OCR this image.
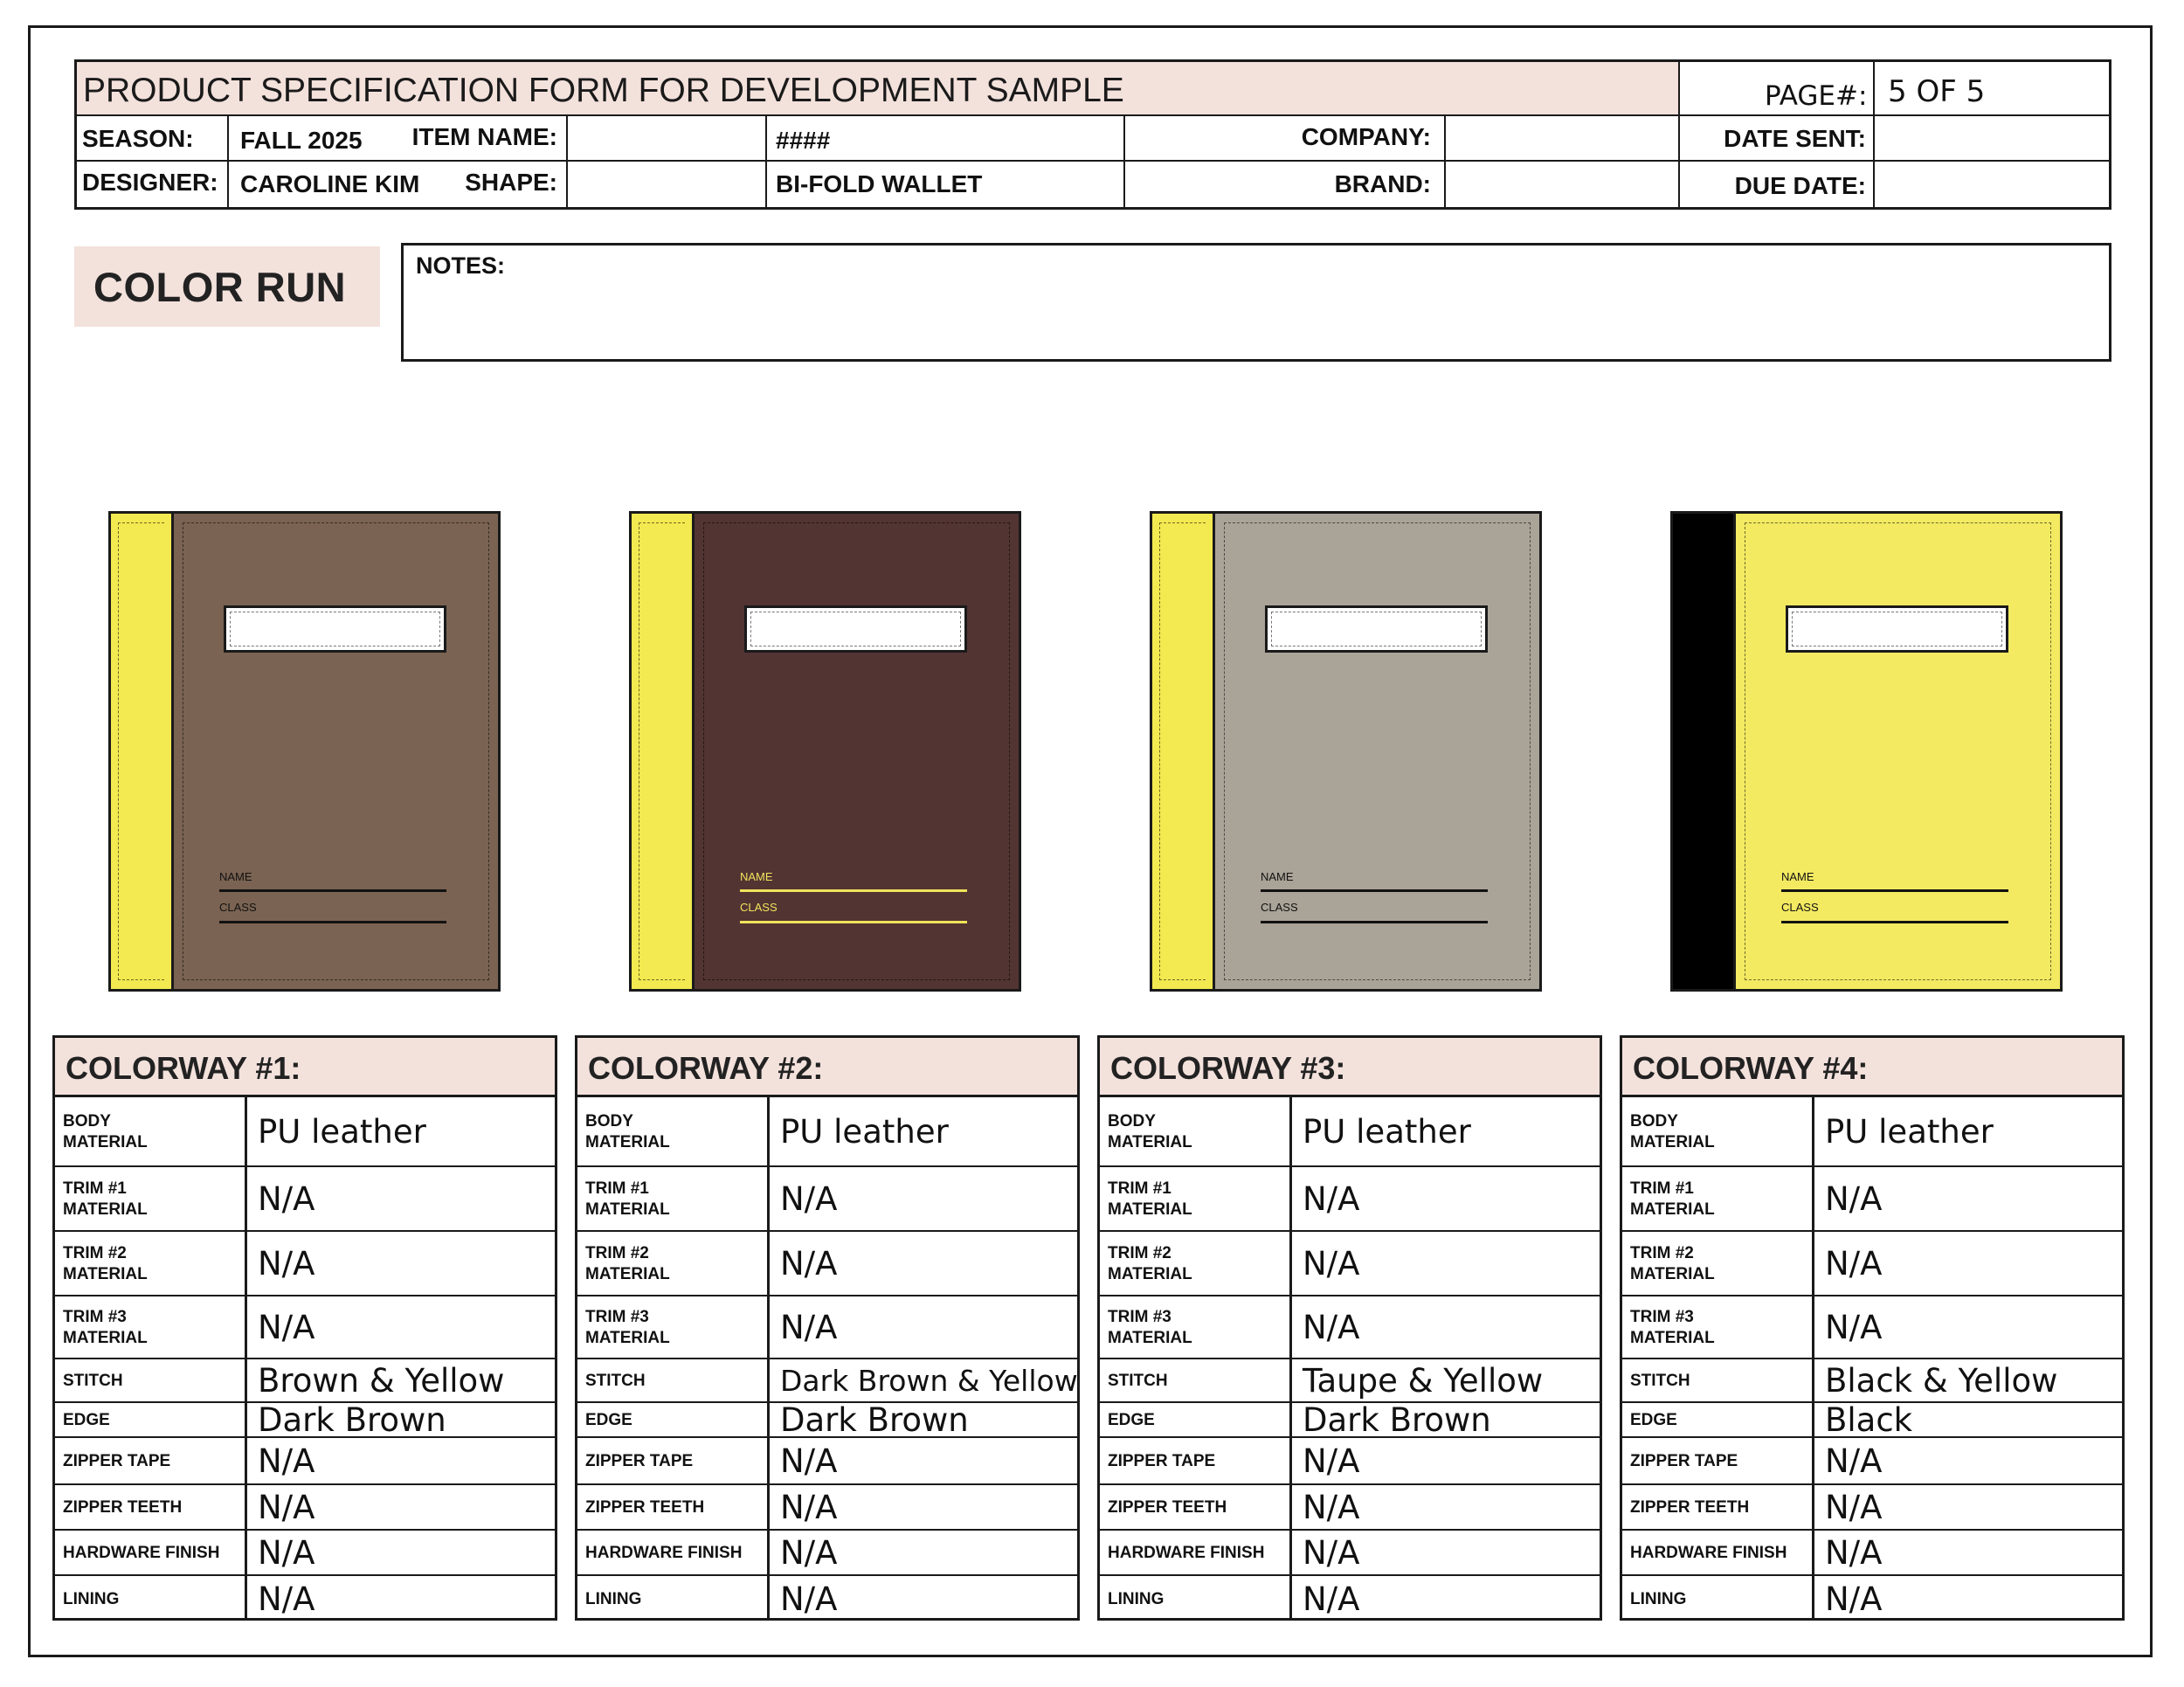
PRODUCT SPECIFICATION FORM FOR DEVELOPMENT SAMPLE	PAGE#: 5 OF 5
SEASON: FALL 2025
DESIGNER: CAROLINE KIM
ITEM NAME:	####
SHAPE:	BI-FOLD WALLET
COMPANY:
BRAND:
DATE SENT:
DUE DATE:
COLOR RUN	NOTES:
NAME
CLASS
NAME
CLASS
NAME
CLASS
NAME
CLASS
COLORWAY #1:
BODY
MATERIAL	PU leather
TRIM #1
MATERIAL	N/A
TRIM #2
MATERIAL	N/A
TRIM #3
MATERIAL	N/A
STITCH	Brown & Yellow
EDGE	Dark Brown
ZIPPER TAPE	N/A
ZIPPER TEETH N/A
HARDWARE FINISH N/A
LINING	N/A
COLORWAY #2:
BODY
MATERIAL	PU leather
TRIM #1
MATERIAL	N/A
TRIM #2
MATERIAL	N/A
TRIM #3
MATERIAL	N/A
STITCH	Dark Brown & Yellow
EDGE	Dark Brown
ZIPPER TAPE	N/A
ZIPPER TEETH N/A
HARDWARE FINISH N/A
LINING	N/A
COLORWAY #3:
BODY
MATERIAL	PU leather
TRIM #1
MATERIAL	N/A
TRIM #2
MATERIAL	N/A
TRIM #3
MATERIAL	N/A
STITCH	Taupe & Yellow
EDGE	Dark Brown
ZIPPER TAPE	N/A
ZIPPER TEETH N/A
HARDWARE FINISH N/A
LINING	N/A
COLORWAY #4:
BODY
MATERIAL	PU leather
TRIM #1
MATERIAL	N/A
TRIM #2
MATERIAL	N/A
TRIM #3
MATERIAL	N/A
STITCH	Black & Yellow
EDGE	Black
ZIPPER TAPE	N/A
ZIPPER TEETH N/A
HARDWARE FINISH N/A
LINING	N/A
